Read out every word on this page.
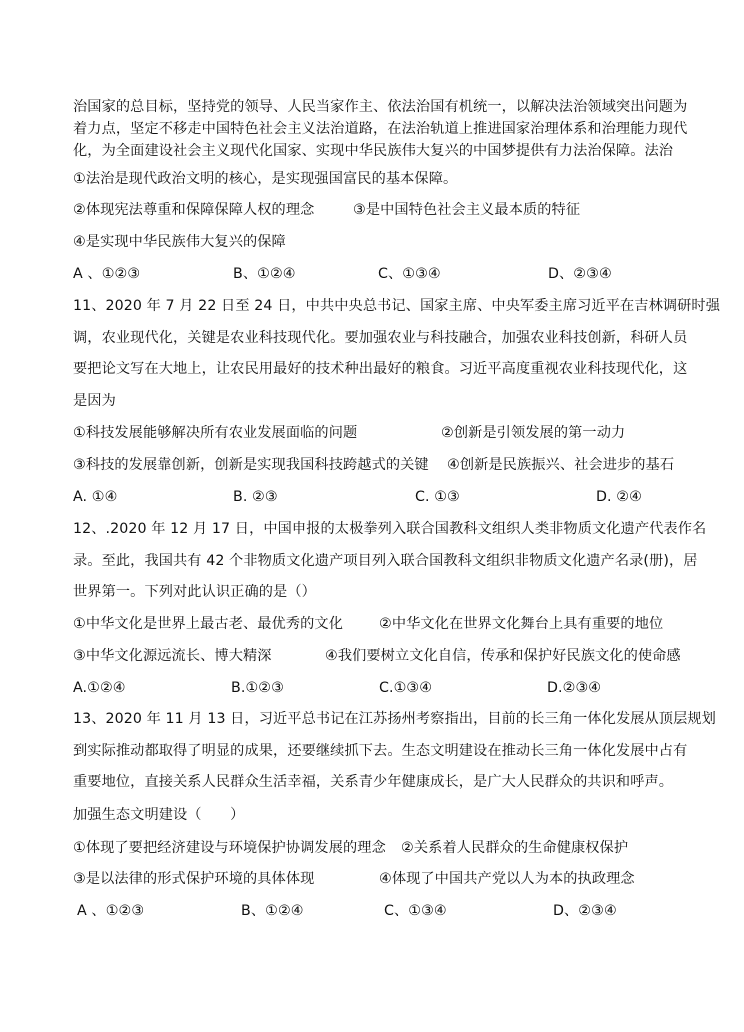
治国家的总目标，坚持党的领导、人民当家作主、依法治国有机统一，以解决法治领域突出问题为
着力点，坚定不移走中国特色社会主义法治道路，在法治轨道上推进国家治理体系和治理能力现代
化，为全面建设社会主义现代化国家、实现中华民族伟大复兴的中国梦提供有力法治保障。法治
①法治是现代政治文明的核心，是实现强国富民的基本保障。
②体现宪法尊重和保障保障人权的理念	③是中国特色社会主义最本质的特征
④是实现中华民族伟大复兴的保障
A 、①②③	B、①②④	C、①③④	D、②③④
11、2020 年 7 月 22 日至 24 日，中共中央总书记、国家主席、中央军委主席习近平在吉林调研时强
调，农业现代化，关键是农业科技现代化。要加强农业与科技融合，加强农业科技创新，科研人员
要把论文写在大地上，让农民用最好的技术种出最好的粮食。习近平高度重视农业科技现代化，这
是因为
①科技发展能够解决所有农业发展面临的问题	②创新是引领发展的第一动力
③科技的发展靠创新，创新是实现我国科技跨越式的关键 ④创新是民族振兴、社会进步的基石
A. ①④	B. ②③	C. ①③	D. ②④
12、.2020 年 12 月 17 日，中国申报的太极拳列入联合国教科文组织人类非物质文化遗产代表作名
录。至此，我国共有 42 个非物质文化遗产项目列入联合国教科文组织非物质文化遗产名录(册)，居
世界第一。下列对此认识正确的是（）
①中华文化是世界上最古老、最优秀的文化	②中华文化在世界文化舞台上具有重要的地位
③中华文化源远流长、博大精深	④我们要树立文化自信，传承和保护好民族文化的使命感
A.①②④	B.①②③	C.①③④	D.②③④
13、2020 年 11 月 13 日，习近平总书记在江苏扬州考察指出，目前的长三角一体化发展从顶层规划
到实际推动都取得了明显的成果，还要继续抓下去。生态文明建设在推动长三角一体化发展中占有
重要地位，直接关系人民群众生活幸福，关系青少年健康成长，是广大人民群众的共识和呼声。
加强生态文明建设（　　）
①体现了要把经济建设与环境保护协调发展的理念 ②关系着人民群众的生命健康权保护
③是以法律的形式保护环境的具体体现	④体现了中国共产党以人为本的执政理念
A 、①②③	B、①②④	C、①③④	D、②③④
